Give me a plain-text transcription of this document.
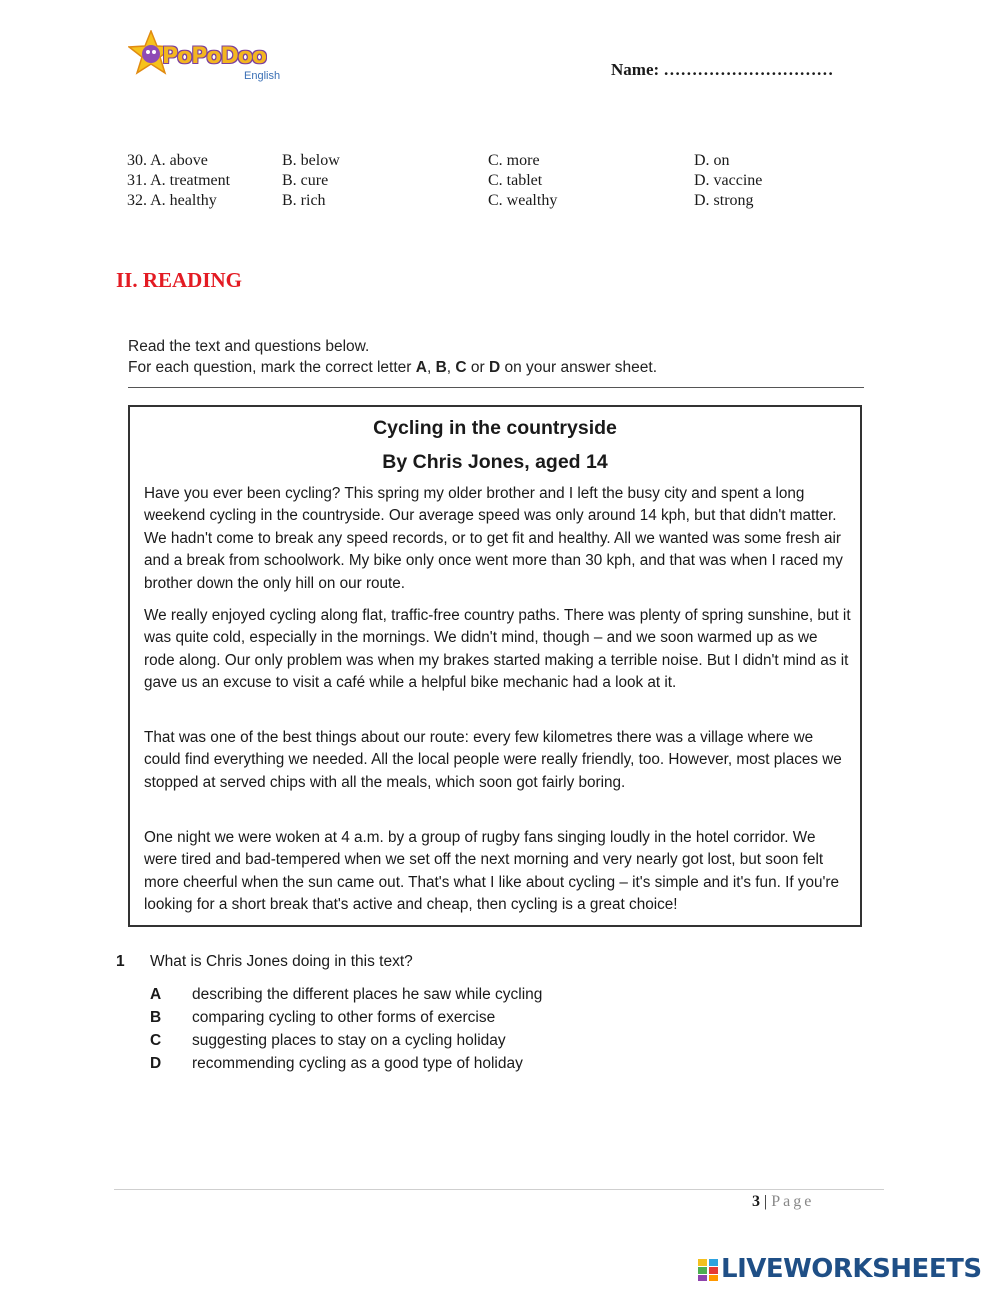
PoPoDoo
English	Name: …………………………
30. A. above	B. below	C. more	D. on
31. A. treatment	B. cure	C. tablet	D. vaccine
32. A. healthy	B. rich	C. wealthy	D. strong
II. READING
Read the text and questions below.
For each question, mark the correct letter A, B, C or D on your answer sheet.
Cycling in the countryside
By Chris Jones, aged 14

Have you ever been cycling? This spring my older brother and I left the busy city and spent a long weekend cycling in the countryside. Our average speed was only around 14 kph, but that didn't matter. We hadn't come to break any speed records, or to get fit and healthy. All we wanted was some fresh air and a break from schoolwork. My bike only once went more than 30 kph, and that was when I raced my brother down the only hill on our route.

We really enjoyed cycling along flat, traffic-free country paths. There was plenty of spring sunshine, but it was quite cold, especially in the mornings. We didn't mind, though – and we soon warmed up as we rode along. Our only problem was when my brakes started making a terrible noise. But I didn't mind as it gave us an excuse to visit a café while a helpful bike mechanic had a look at it.

That was one of the best things about our route: every few kilometres there was a village where we could find everything we needed. All the local people were really friendly, too. However, most places we stopped at served chips with all the meals, which soon got fairly boring.

One night we were woken at 4 a.m. by a group of rugby fans singing loudly in the hotel corridor. We were tired and bad-tempered when we set off the next morning and very nearly got lost, but soon felt more cheerful when the sun came out. That's what I like about cycling – it's simple and it's fun. If you're looking for a short break that's active and cheap, then cycling is a great choice!

1 What is Chris Jones doing in this text?
A describing the different places he saw while cycling
B comparing cycling to other forms of exercise
C suggesting places to stay on a cycling holiday
D recommending cycling as a good type of holiday
3 | Page
LIVEWORKSHEETS
